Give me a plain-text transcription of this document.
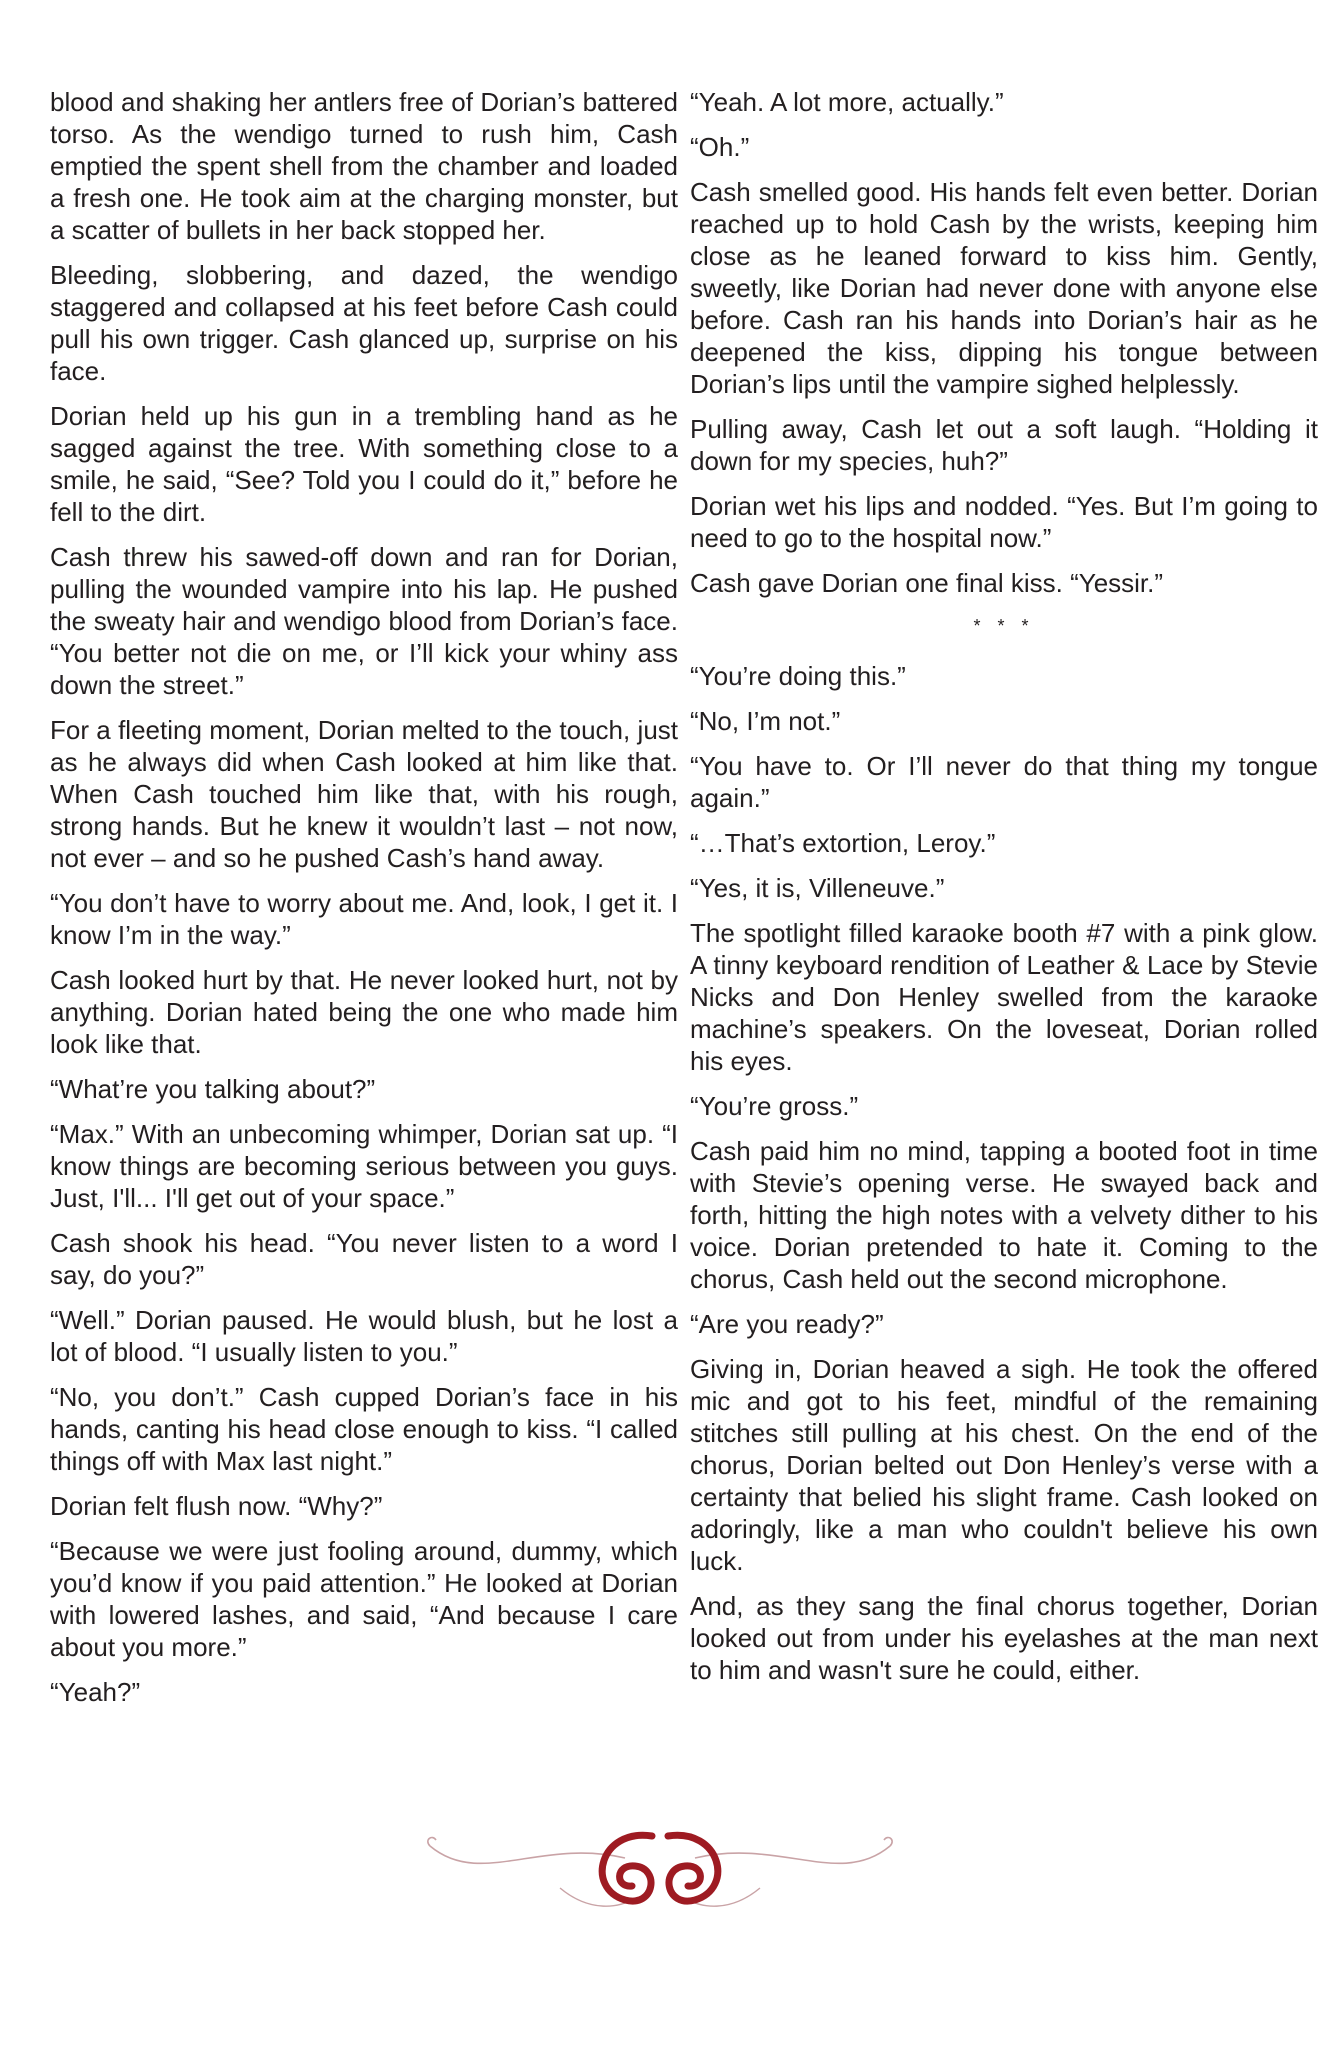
blood and shaking her antlers free of Dorian’s battered torso. As the wendigo turned to rush him, Cash emptied the spent shell from the chamber and loaded a fresh one. He took aim at the charging monster, but a scatter of bullets in her back stopped her.

Bleeding, slobbering, and dazed, the wendigo staggered and collapsed at his feet before Cash could pull his own trigger. Cash glanced up, surprise on his face.

Dorian held up his gun in a trembling hand as he sagged against the tree. With something close to a smile, he said, “See? Told you I could do it,” before he fell to the dirt.

Cash threw his sawed-off down and ran for Dorian, pulling the wounded vampire into his lap. He pushed the sweaty hair and wendigo blood from Dorian’s face. “You better not die on me, or I’ll kick your whiny ass down the street.”

For a fleeting moment, Dorian melted to the touch, just as he always did when Cash looked at him like that. When Cash touched him like that, with his rough, strong hands. But he knew it wouldn’t last – not now, not ever – and so he pushed Cash’s hand away.

“You don’t have to worry about me. And, look, I get it. I know I’m in the way.”

Cash looked hurt by that. He never looked hurt, not by anything. Dorian hated being the one who made him look like that.

“What’re you talking about?”

“Max.” With an unbecoming whimper, Dorian sat up. “I know things are becoming serious between you guys. Just, I'll... I'll get out of your space.”

Cash shook his head. “You never listen to a word I say, do you?”

“Well.” Dorian paused. He would blush, but he lost a lot of blood. “I usually listen to you.”

“No, you don’t.” Cash cupped Dorian’s face in his hands, canting his head close enough to kiss. “I called things off with Max last night.”

Dorian felt flush now. “Why?”

“Because we were just fooling around, dummy, which you’d know if you paid attention.” He looked at Dorian with lowered lashes, and said, “And because I care about you more.”

“Yeah?”

“Yeah. A lot more, actually.”

“Oh.”

Cash smelled good. His hands felt even better. Dorian reached up to hold Cash by the wrists, keeping him close as he leaned forward to kiss him. Gently, sweetly, like Dorian had never done with anyone else before. Cash ran his hands into Dorian’s hair as he deepened the kiss, dipping his tongue between Dorian’s lips until the vampire sighed helplessly.

Pulling away, Cash let out a soft laugh. “Holding it down for my species, huh?”

Dorian wet his lips and nodded. “Yes. But I’m going to need to go to the hospital now.”

Cash gave Dorian one final kiss. “Yessir.”

* * *

“You’re doing this.”

“No, I’m not.”

“You have to. Or I’ll never do that thing my tongue again.”

“…That’s extortion, Leroy.”

“Yes, it is, Villeneuve.”

The spotlight filled karaoke booth #7 with a pink glow. A tinny keyboard rendition of Leather & Lace by Stevie Nicks and Don Henley swelled from the karaoke machine’s speakers. On the loveseat, Dorian rolled his eyes.

“You’re gross.”

Cash paid him no mind, tapping a booted foot in time with Stevie’s opening verse. He swayed back and forth, hitting the high notes with a velvety dither to his voice. Dorian pretended to hate it. Coming to the chorus, Cash held out the second microphone.

“Are you ready?”

Giving in, Dorian heaved a sigh. He took the offered mic and got to his feet, mindful of the remaining stitches still pulling at his chest. On the end of the chorus, Dorian belted out Don Henley’s verse with a certainty that belied his slight frame. Cash looked on adoringly, like a man who couldn't believe his own luck.

And, as they sang the final chorus together, Dorian looked out from under his eyelashes at the man next to him and wasn't sure he could, either.
